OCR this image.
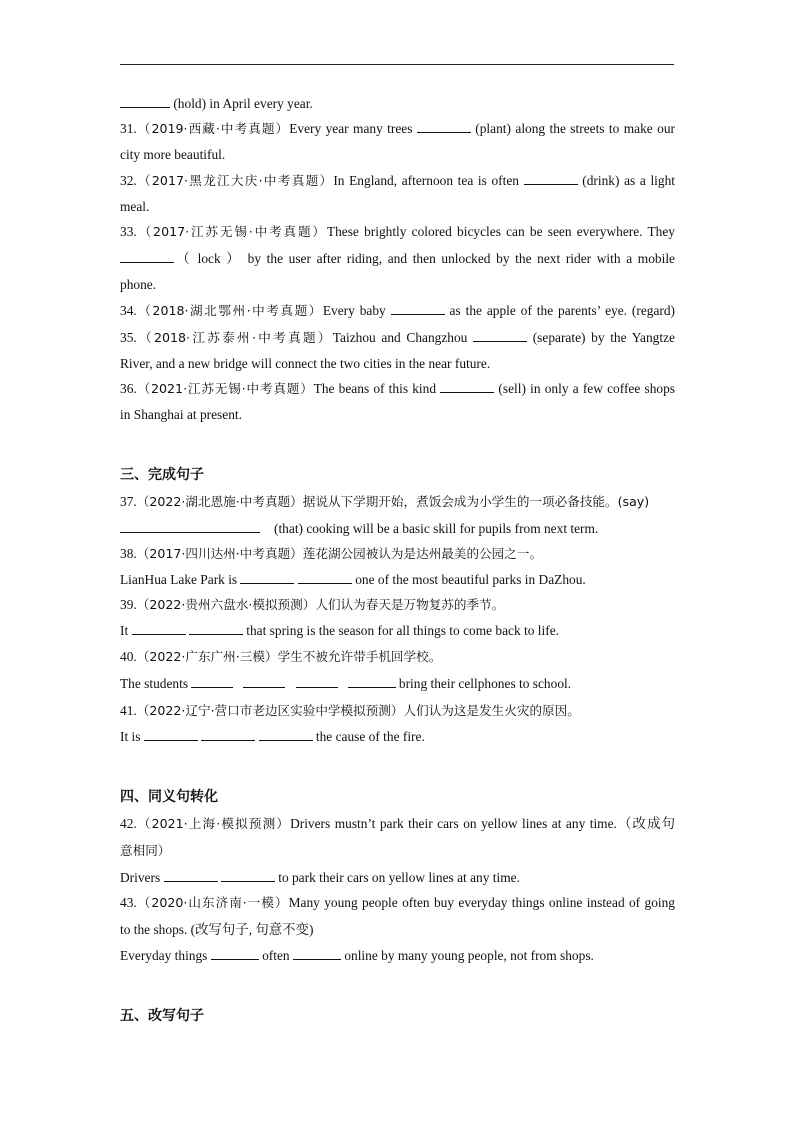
(hold) in April every year.
31.（2019·西藏·中考真题）Every year many trees	(plant) along the streets to make our
city more beautiful.
32.（2017·黑龙江大庆·中考真题）In England, afternoon tea is often	(drink) as a light
meal.
33.（2017·江苏无锡·中考真题）These brightly colored bicycles can be seen everywhere. They
（ lock ） by the user after riding, and then unlocked by the next rider with a mobile
phone.
34.（2018·湖北鄂州·中考真题）Every baby	as the apple of the parents’ eye. (regard)
35.（2018·江苏泰州·中考真题）Taizhou and Changzhou	(separate) by the Yangtze
River, and a new bridge will connect the two cities in the near future.
36.（2021·江苏无锡·中考真题）The beans of this kind	(sell) in only a few coffee shops
in Shanghai at present.
三、完成句子
37.（2022·湖北恩施·中考真题）据说从下学期开始，煮饭会成为小学生的一项必备技能。(say)
(that) cooking will be a basic skill for pupils from next term.
38.（2017·四川达州·中考真题）莲花湖公园被认为是达州最美的公园之一。
LianHua Lake Park is	one of the most beautiful parks in DaZhou.
39.（2022·贵州六盘水·模拟预测）人们认为春天是万物复苏的季节。
It	that spring is the season for all things to come back to life.
40.（2022·广东广州·三模）学生不被允许带手机回学校。
The students	bring their cellphones to school.
41.（2022·辽宁·营口市老边区实验中学模拟预测）人们认为这是发生火灾的原因。
It is	the cause of the fire.
四、同义句转化
42.（2021·上海·模拟预测）Drivers mustn’t park their cars on yellow lines at any time.（改成句
意相同）
Drivers	to park their cars on yellow lines at any time.
43.（2020·山东济南·一模）Many young people often buy everyday things online instead of going
to the shops. (改写句子, 句意不变)
Everyday things	often	online by many young people, not from shops.
五、改写句子
